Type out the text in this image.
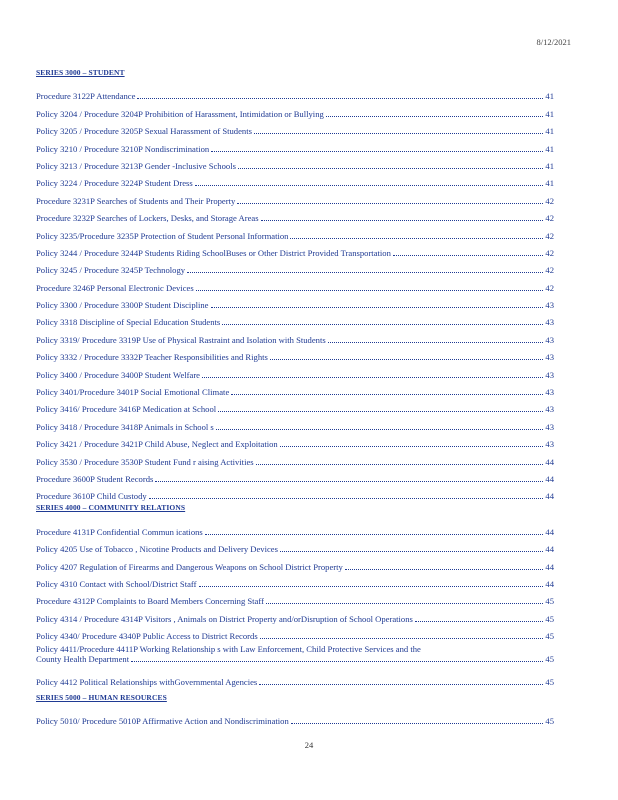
8/12/2021
SERIES 3000 – STUDENT
Procedure 3122P Attendance	41
Policy 3204 / Procedure 3204P Prohibition of Harassment, Intimidation or Bullying	41
Policy 3205 / Procedure 3205P Sexual Harassment of Students	41
Policy 3210 / Procedure 3210P Nondiscrimination	41
Policy 3213 / Procedure 3213P Gender -Inclusive Schools	41
Policy 3224 / Procedure 3224P Student Dress	41
Procedure 3231P Searches of Students and Their Property	42
Procedure 3232P Searches of Lockers, Desks, and Storage Areas	42
Policy 3235/Procedure 3235P Protection of Student Personal Information	42
Policy 3244 / Procedure 3244P Students Riding SchoolBuses or Other District Provided Transportation	42
Policy 3245 / Procedure 3245P Technology	42
Procedure 3246P Personal Electronic Devices	42
Policy 3300 / Procedure 3300P Student Discipline	43
Policy 3318 Discipline of Special Education Students	43
Policy 3319/ Procedure 3319P Use of Physical Rastraint and Isolation with Students	43
Policy 3332 / Procedure 3332P Teacher Responsibilities and Rights	43
Policy 3400 / Procedure 3400P Student Welfare	43
Policy 3401/Procedure 3401P Social Emotional Climate	43
Policy 3416/ Procedure 3416P Medication at School	43
Policy 3418 / Procedure 3418P Animals in School s	43
Policy 3421 / Procedure 3421P Child Abuse, Neglect and Exploitation	43
Policy 3530 / Procedure 3530P Student Fund r aising Activities	44
Procedure 3600P Student Records	44
Procedure 3610P Child Custody	44
SERIES 4000 – COMMUNITY RELATIONS
Procedure 4131P Confidential Commun ications	44
Policy 4205 Use of Tobacco , Nicotine Products and Delivery Devices	44
Policy 4207 Regulation of Firearms and Dangerous Weapons on School District Property	44
Policy 4310 Contact with School/District Staff	44
Procedure 4312P Complaints to Board Members Concerning Staff	45
Policy 4314 / Procedure 4314P Visitors , Animals on District Property and/orDisruption of School Operations	45
Policy 4340/ Procedure 4340P Public Access to District Records	45
Policy 4411/Procedure 4411P Working Relationship s with Law Enforcement, Child Protective Services and the
County Health Department	45
Policy 4412 Political Relationships withGovernmental Agencies	45
SERIES 5000 – HUMAN RESOURCES
Policy 5010/ Procedure 5010P Affirmative Action and Nondiscrimination	45
24
